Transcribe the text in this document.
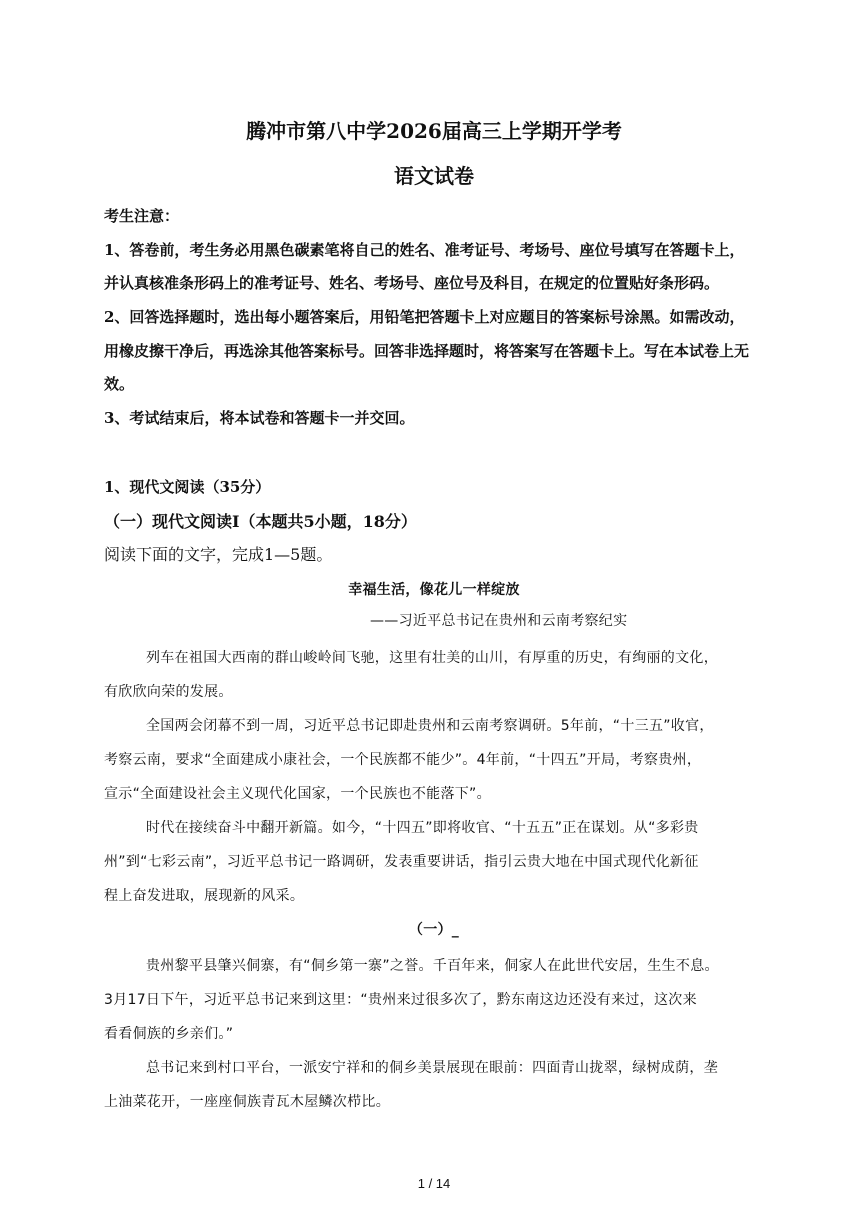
腾冲市第八中学2026届高三上学期开学考
语文试卷
考生注意：
1、答卷前，考生务必用黑色碳素笔将自己的姓名、准考证号、考场号、座位号填写在答题卡上，
并认真核准条形码上的准考证号、姓名、考场号、座位号及科目，在规定的位置贴好条形码。
2、回答选择题时，选出每小题答案后，用铅笔把答题卡上对应题目的答案标号涂黑。如需改动，
用橡皮擦干净后，再选涂其他答案标号。回答非选择题时，将答案写在答题卡上。写在本试卷上无
效。
3、考试结束后，将本试卷和答题卡一并交回。
1、现代文阅读（35分）
（一）现代文阅读I（本题共5小题，18分）
阅读下面的文字，完成1—5题。
幸福生活，像花儿一样绽放
——习近平总书记在贵州和云南考察纪实
列车在祖国大西南的群山峻岭间飞驰，这里有壮美的山川，有厚重的历史，有绚丽的文化，
有欣欣向荣的发展。
全国两会闭幕不到一周，习近平总书记即赴贵州和云南考察调研。5年前，“十三五”收官，
考察云南，要求“全面建成小康社会，一个民族都不能少”。4年前，“十四五”开局，考察贵州，
宣示“全面建设社会主义现代化国家，一个民族也不能落下”。
时代在接续奋斗中翻开新篇。如今，“十四五”即将收官、“十五五”正在谋划。从“多彩贵
州”到“七彩云南”，习近平总书记一路调研，发表重要讲话，指引云贵大地在中国式现代化新征
程上奋发进取，展现新的风采。
（一）_
贵州黎平县肇兴侗寨，有“侗乡第一寨”之誉。千百年来，侗家人在此世代安居，生生不息。
3月17日下午，习近平总书记来到这里：“贵州来过很多次了，黔东南这边还没有来过，这次来
看看侗族的乡亲们。”
总书记来到村口平台，一派安宁祥和的侗乡美景展现在眼前：四面青山拢翠，绿树成荫，垄
上油菜花开，一座座侗族青瓦木屋鳞次栉比。
1 / 14
